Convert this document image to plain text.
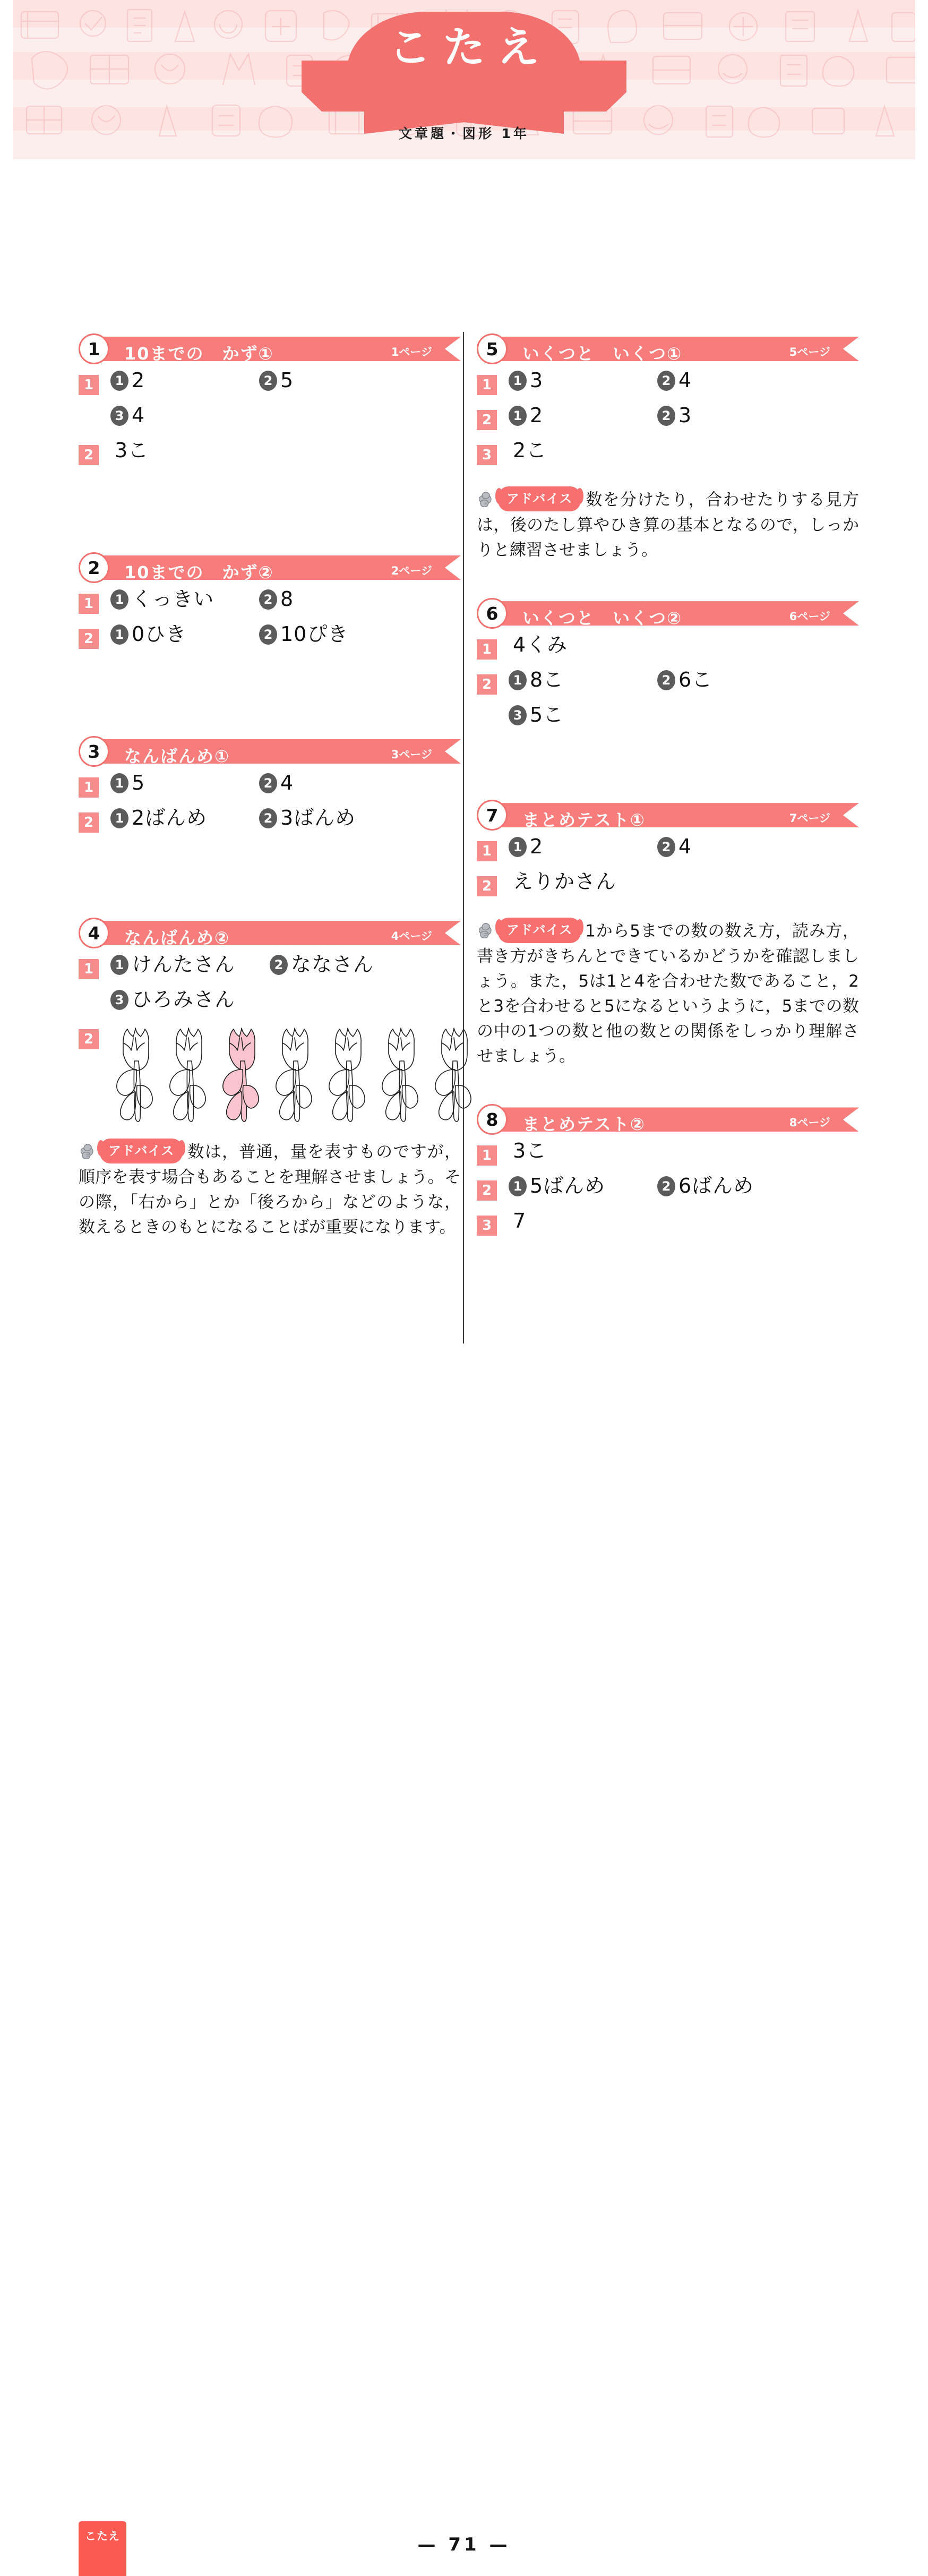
こたえ
文章題・図形 1年
1	10までの　かず①	1ページ
1	1 2	2 5
3 4
2 3こ
2	10までの　かず②	2ページ
1	1 くっきい	2 8
2	1 0ひき	2 10ぴき
3	なんばんめ①	3ページ
1	1 5	2 4
2	1 2ばんめ	2 3ばんめ
4	なんばんめ②	4ページ
1	1 けんたさん	2 ななさん
3 ひろみさん
2
アドバイス 数は，普通，量を表すものですが，順序を表す場合もあることを理解させましょう。その際，「右から」とか「後ろから」などのような，数えるときのもとになることばが重要になります。
5	いくつと　いくつ①	5ページ
1	1 3	2 4
2	1 2	2 3
3 2こ
アドバイス 数を分けたり，合わせたりする見方は，後のたし算やひき算の基本となるので，しっかりと練習させましょう。
6	いくつと　いくつ②	6ページ
1 4くみ
2	1 8こ	2 6こ
3 5こ
7	まとめテスト①	7ページ
1	1 2	2 4
2 えりかさん
アドバイス 1から5までの数の数え方，読み方，書き方がきちんとできているかどうかを確認しましょう。また，5は1と4を合わせた数であること，2と3を合わせると5になるというように，5までの数の中の1つの数と他の数との関係をしっかり理解させましょう。
8	まとめテスト②	8ページ
1 3こ
2	1 5ばんめ	2 6ばんめ
3 7
こたえ	— 71 —
